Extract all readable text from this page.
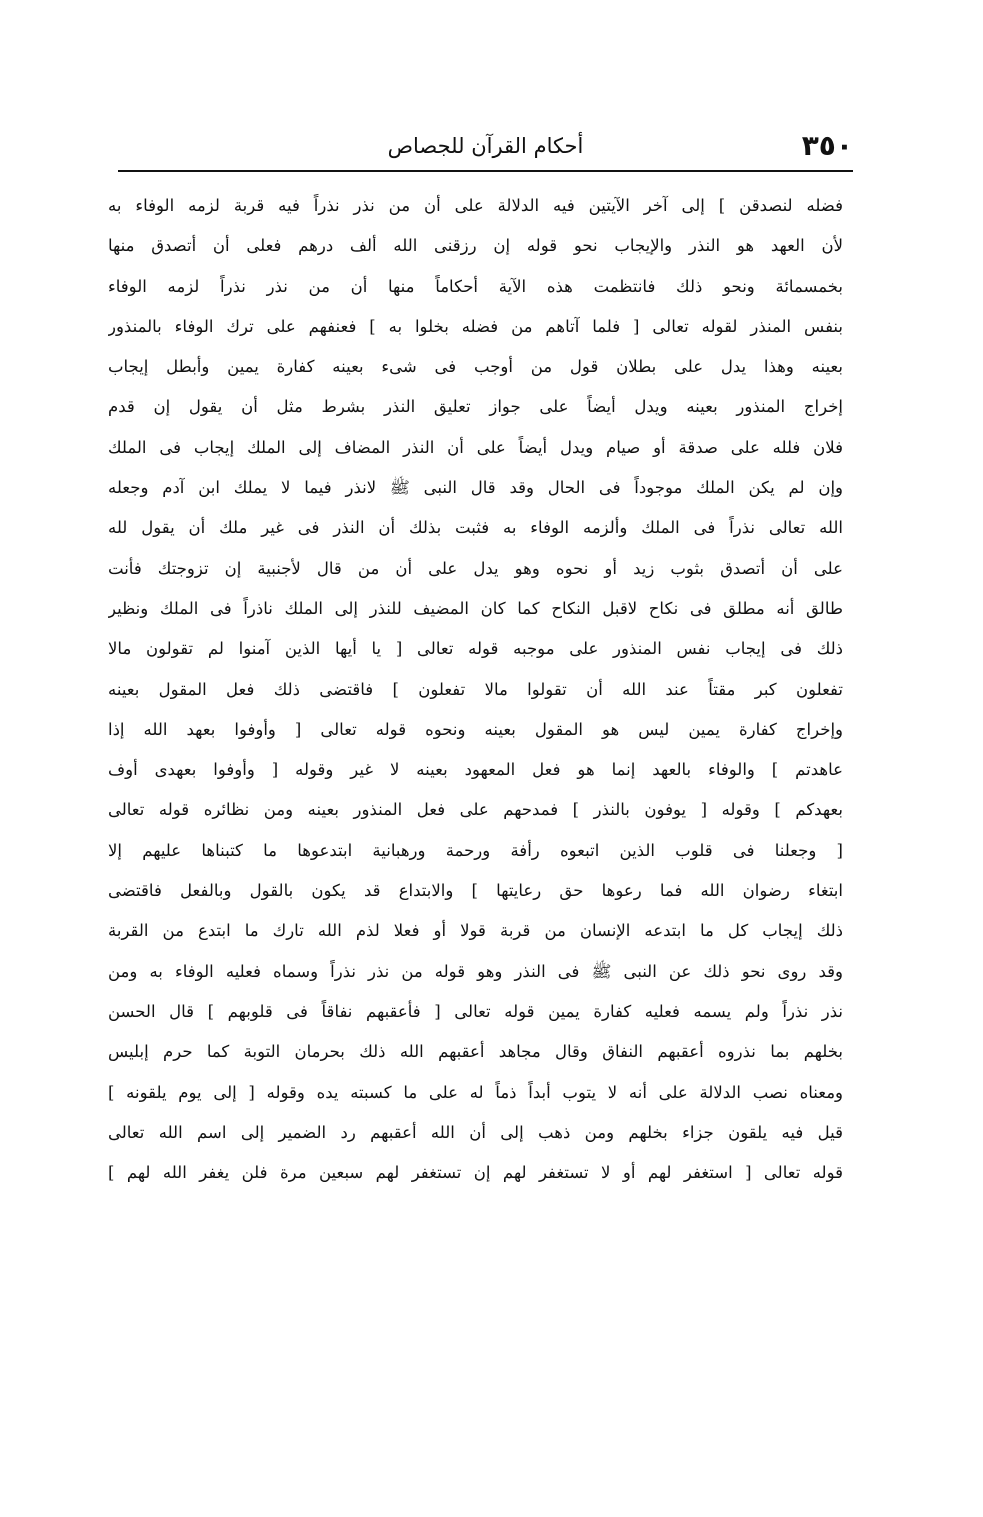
٣٥٠
أحكام القرآن للجصاص
فضله لنصدقن ] إلى آخر الآيتين فيه الدلالة على أن من نذر نذراً فيه قربة لزمه الوفاء به
لأن العهد هو النذر والإيجاب نحو قوله إن رزقنى الله ألف درهم فعلى أن أتصدق منها
بخمسمائة ونحو ذلك فانتظمت هذه الآية أحكاماً منها أن من نذر نذراً لزمه الوفاء
بنفس المنذر لقوله تعالى [ فلما آتاهم من فضله بخلوا به ] فعنفهم على ترك الوفاء بالمنذور
بعينه وهذا يدل على بطلان قول من أوجب فى شىء بعينه كفارة يمين وأبطل إيجاب
إخراج المنذور بعينه ويدل أيضاً على جواز تعليق النذر بشرط مثل أن يقول إن قدم
فلان فلله على صدقة أو صيام ويدل أيضاً على أن النذر المضاف إلى الملك إيجاب فى الملك
وإن لم يكن الملك موجوداً فى الحال وقد قال النبى ﷺ لانذر فيما لا يملك ابن آدم وجعله
الله تعالى نذراً فى الملك وألزمه الوفاء به فثبت بذلك أن النذر فى غير ملك أن يقول لله
على أن أتصدق بثوب زيد أو نحوه وهو يدل على أن من قال لأجنبية إن تزوجتك فأنت
طالق أنه مطلق فى نكاح لاقبل النكاح كما كان المضيف للنذر إلى الملك ناذراً فى الملك ونظير
ذلك فى إيجاب نفس المنذور على موجبه قوله تعالى [ يا أيها الذين آمنوا لم تقولون مالا
تفعلون كبر مقتاً عند الله أن تقولوا مالا تفعلون ] فاقتضى ذلك فعل المقول بعينه
وإخراج كفارة يمين ليس هو المقول بعينه ونحوه قوله تعالى [ وأوفوا بعهد الله إذا
عاهدتم ] والوفاء بالعهد إنما هو فعل المعهود بعينه لا غير وقوله [ وأوفوا بعهدى أوف
بعهدكم ] وقوله [ يوفون بالنذر ] فمدحهم على فعل المنذور بعينه ومن نظائره قوله تعالى
[ وجعلنا فى قلوب الذين اتبعوه رأفة ورحمة ورهبانية ابتدعوها ما كتبناها عليهم إلا
ابتغاء رضوان الله فما رعوها حق رعايتها ] والابتداع قد يكون بالقول وبالفعل فاقتضى
ذلك إيجاب كل ما ابتدعه الإنسان من قربة قولا أو فعلا لذم الله تارك ما ابتدع من القربة
وقد روى نحو ذلك عن النبى ﷺ فى النذر وهو قوله من نذر نذراً وسماه فعليه الوفاء به ومن
نذر نذراً ولم يسمه فعليه كفارة يمين قوله تعالى [ فأعقبهم نفاقاً فى قلوبهم ] قال الحسن
بخلهم بما نذروه أعقبهم النفاق وقال مجاهد أعقبهم الله ذلك بحرمان التوبة كما حرم إبليس
ومعناه نصب الدلالة على أنه لا يتوب أبداً ذماً له على ما كسبته يده وقوله [ إلى يوم يلقونه ]
قيل فيه يلقون جزاء بخلهم ومن ذهب إلى أن الله أعقبهم رد الضمير إلى اسم الله تعالى
قوله تعالى [ استغفر لهم أو لا تستغفر لهم إن تستغفر لهم سبعين مرة فلن يغفر الله لهم ]
